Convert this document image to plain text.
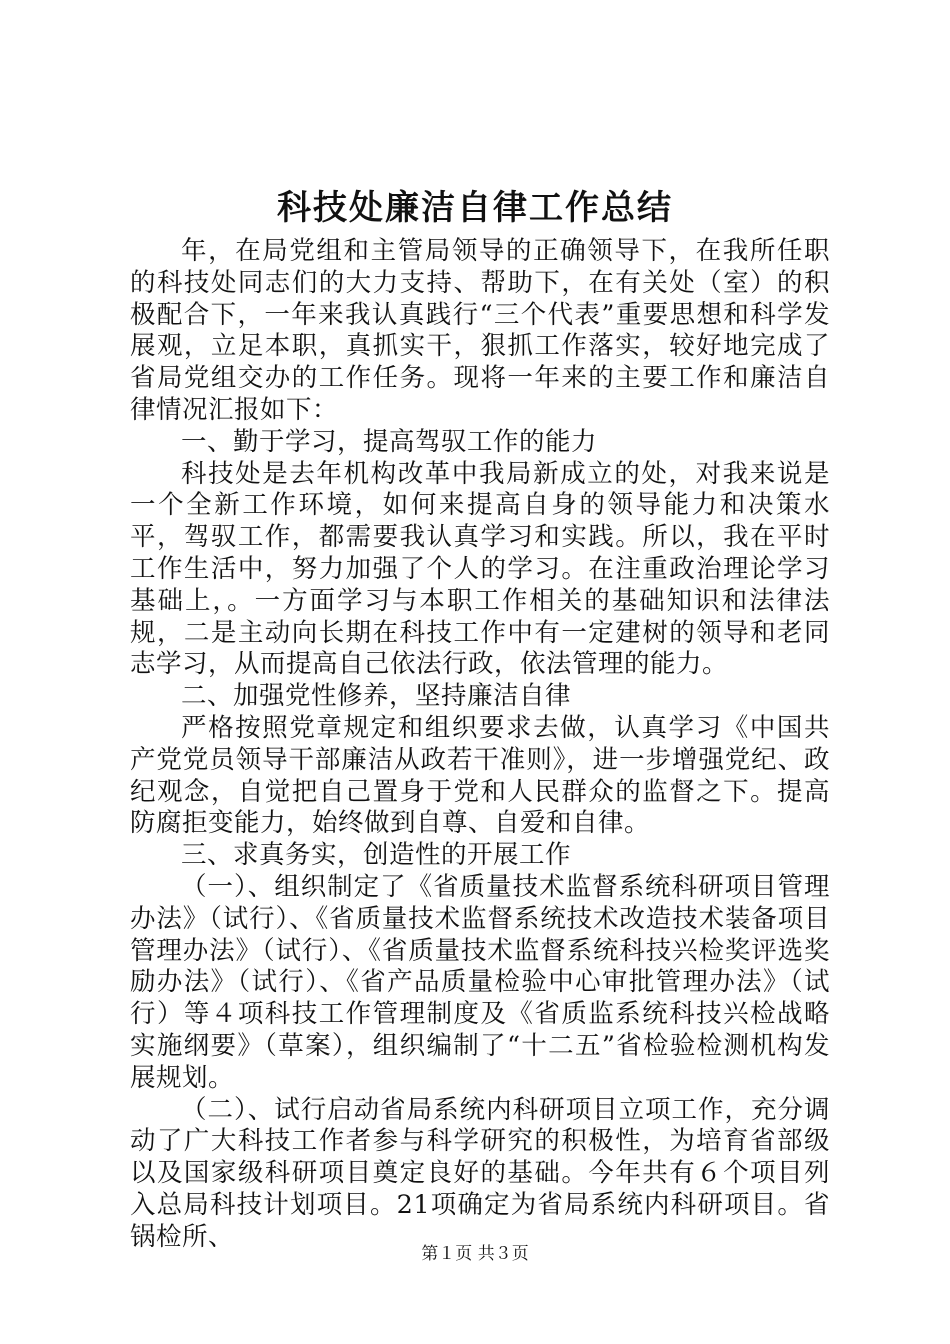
科技处廉洁自律工作总结

年，在局党组和主管局领导的正确领导下，在我所任职的科技处同志们的大力支持、帮助下，在有关处（室）的积极配合下，一年来我认真践行“三个代表”重要思想和科学发展观，立足本职，真抓实干，狠抓工作落实，较好地完成了省局党组交办的工作任务。现将一年来的主要工作和廉洁自律情况汇报如下：

一、勤于学习，提高驾驭工作的能力

科技处是去年机构改革中我局新成立的处，对我来说是一个全新工作环境，如何来提高自身的领导能力和决策水平，驾驭工作，都需要我认真学习和实践。所以，我在平时工作生活中，努力加强了个人的学习。在注重政治理论学习基础上，。一方面学习与本职工作相关的基础知识和法律法规，二是主动向长期在科技工作中有一定建树的领导和老同志学习，从而提高自己依法行政，依法管理的能力。

二、加强党性修养，坚持廉洁自律

严格按照党章规定和组织要求去做，认真学习《中国共产党党员领导干部廉洁从政若干准则》，进一步增强党纪、政纪观念，自觉把自己置身于党和人民群众的监督之下。提高防腐拒变能力，始终做到自尊、自爱和自律。

三、求真务实，创造性的开展工作

（一）、组织制定了《省质量技术监督系统科研项目管理办法》（试行）、《省质量技术监督系统技术改造技术装备项目管理办法》（试行）、《省质量技术监督系统科技兴检奖评选奖励办法》（试行）、《省产品质量检验中心审批管理办法》（试行）等４项科技工作管理制度及《省质监系统科技兴检战略实施纲要》（草案），组织编制了“十二五”省检验检测机构发展规划。

（二）、试行启动省局系统内科研项目立项工作，充分调动了广大科技工作者参与科学研究的积极性，为培育省部级以及国家级科研项目奠定良好的基础。今年共有６个项目列入总局科技计划项目。21项确定为省局系统内科研项目。省锅检所、

第１页 共３页
